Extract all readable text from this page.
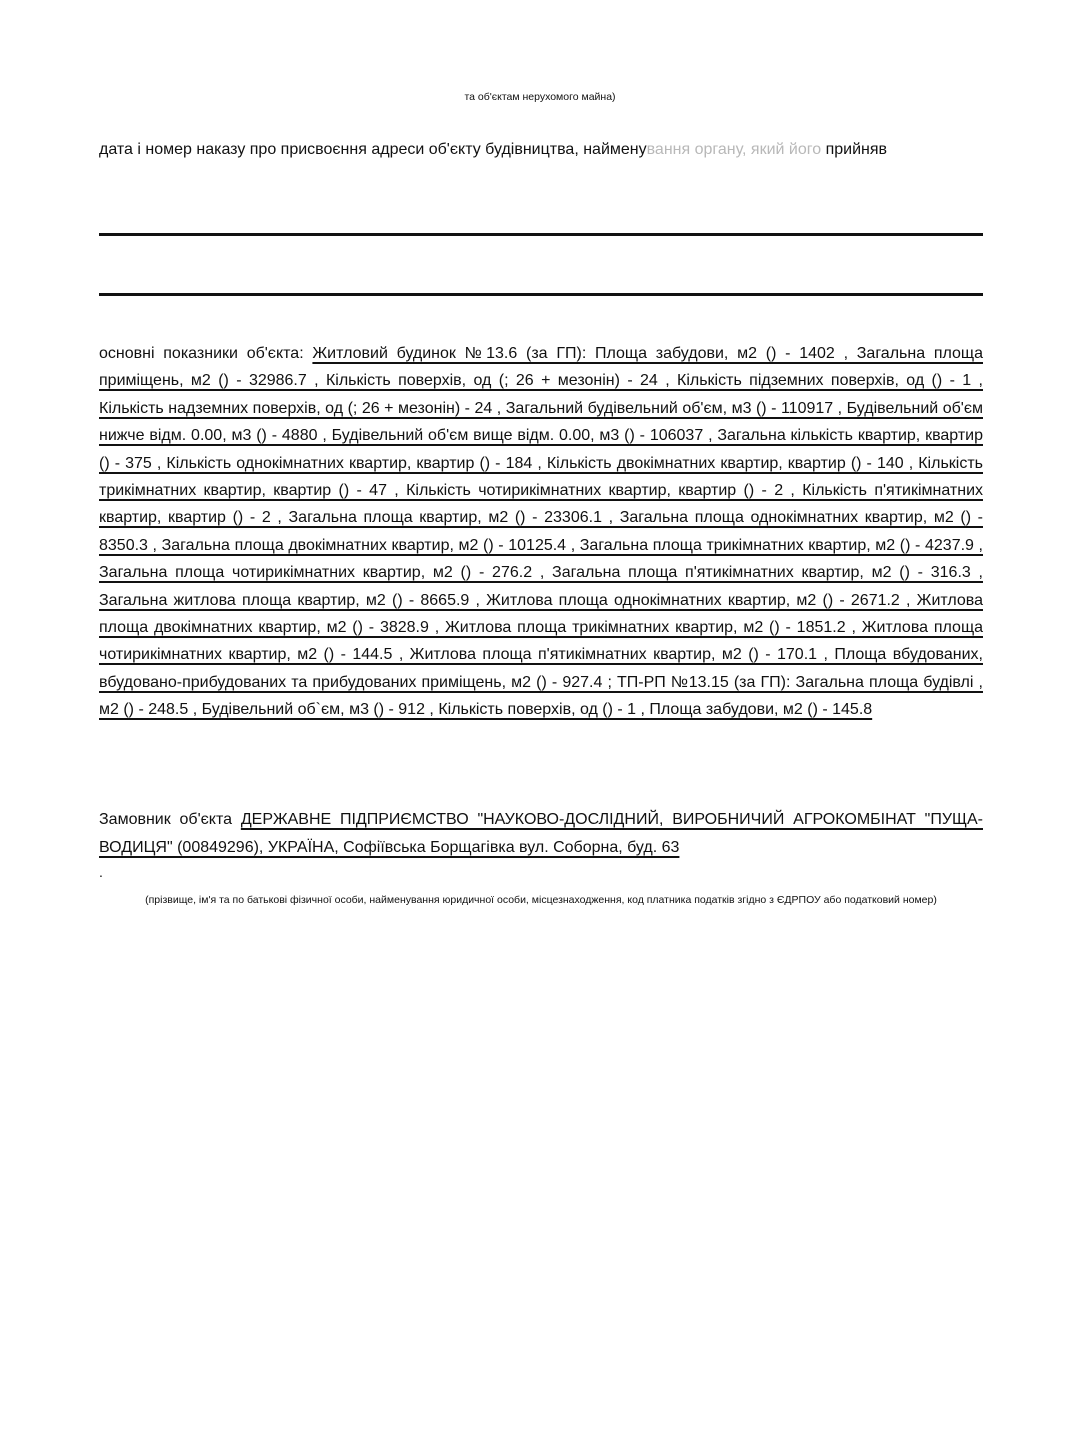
та об'єктам нерухомого майна)
дата і номер наказу про присвоєння адреси об'єкту будівництва, найменування органу, який його прийняв
основні показники об'єкта: Житловий будинок №13.6 (за ГП): Площа забудови, м2 () - 1402 , Загальна площа приміщень, м2 () - 32986.7 , Кількість поверхів, од (; 26 + мезонін) - 24 , Кількість підземних поверхів, од () - 1 , Кількість надземних поверхів, од (; 26 + мезонін) - 24 , Загальний будівельний об'єм, м3 () - 110917 , Будівельний об'єм нижче відм. 0.00, м3 () - 4880 , Будівельний об'єм вище відм. 0.00, м3 () - 106037 , Загальна кількість квартир, квартир () - 375 , Кількість однокімнатних квартир, квартир () - 184 , Кількість двокімнатних квартир, квартир () - 140 , Кількість трикімнатних квартир, квартир () - 47 , Кількість чотирикімнатних квартир, квартир () - 2 , Кількість п'ятикімнатних квартир, квартир () - 2 , Загальна площа квартир, м2 () - 23306.1 , Загальна площа однокімнатних квартир, м2 () - 8350.3 , Загальна площа двокімнатних квартир, м2 () - 10125.4 , Загальна площа трикімнатних квартир, м2 () - 4237.9 , Загальна площа чотирикімнатних квартир, м2 () - 276.2 , Загальна площа п'ятикімнатних квартир, м2 () - 316.3 , Загальна житлова площа квартир, м2 () - 8665.9 , Житлова площа однокімнатних квартир, м2 () - 2671.2 , Житлова площа двокімнатних квартир, м2 () - 3828.9 , Житлова площа трикімнатних квартир, м2 () - 1851.2 , Житлова площа чотирикімнатних квартир, м2 () - 144.5 , Житлова площа п'ятикімнатних квартир, м2 () - 170.1 , Площа вбудованих, вбудовано-прибудованих та прибудованих приміщень, м2 () - 927.4 ; ТП-РП №13.15 (за ГП): Загальна площа будівлі , м2 () - 248.5 , Будівельний об`єм, м3 () - 912 , Кількість поверхів, од () - 1 , Площа забудови, м2 () - 145.8
Замовник об'єкта ДЕРЖАВНЕ ПІДПРИЄМСТВО "НАУКОВО-ДОСЛІДНИЙ, ВИРОБНИЧИЙ АГРОКОМБІНАТ "ПУЩА-ВОДИЦЯ" (00849296), УКРАЇНА, Софіївська Борщагівка вул. Соборна, буд. 63
.
(прізвище, ім'я та по батькові фізичної особи, найменування юридичної особи, місцезнаходження, код платника податків згідно з ЄДРПОУ або податковий номер)
